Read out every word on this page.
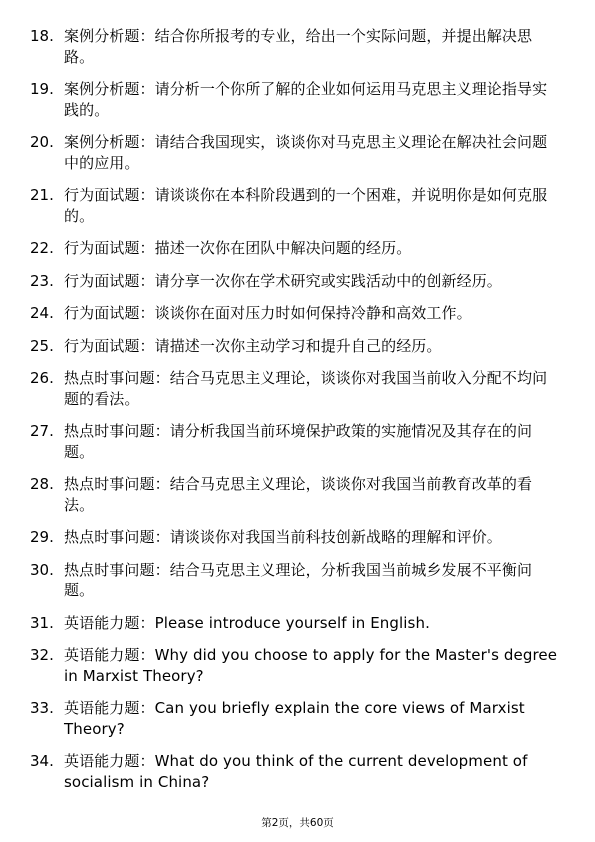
18. 案例分析题：结合你所报考的专业，给出一个实际问题，并提出解决思路。
19. 案例分析题：请分析一个你所了解的企业如何运用马克思主义理论指导实践的。
20. 案例分析题：请结合我国现实，谈谈你对马克思主义理论在解决社会问题中的应用。
21. 行为面试题：请谈谈你在本科阶段遇到的一个困难，并说明你是如何克服的。
22. 行为面试题：描述一次你在团队中解决问题的经历。
23. 行为面试题：请分享一次你在学术研究或实践活动中的创新经历。
24. 行为面试题：谈谈你在面对压力时如何保持冷静和高效工作。
25. 行为面试题：请描述一次你主动学习和提升自己的经历。
26. 热点时事问题：结合马克思主义理论，谈谈你对我国当前收入分配不均问题的看法。
27. 热点时事问题：请分析我国当前环境保护政策的实施情况及其存在的问题。
28. 热点时事问题：结合马克思主义理论，谈谈你对我国当前教育改革的看法。
29. 热点时事问题：请谈谈你对我国当前科技创新战略的理解和评价。
30. 热点时事问题：结合马克思主义理论，分析我国当前城乡发展不平衡问题。
31. 英语能力题：Please introduce yourself in English.
32. 英语能力题：Why did you choose to apply for the Master's degree in Marxist Theory?
33. 英语能力题：Can you briefly explain the core views of Marxist Theory?
34. 英语能力题：What do you think of the current development of socialism in China?
第2页，共60页
